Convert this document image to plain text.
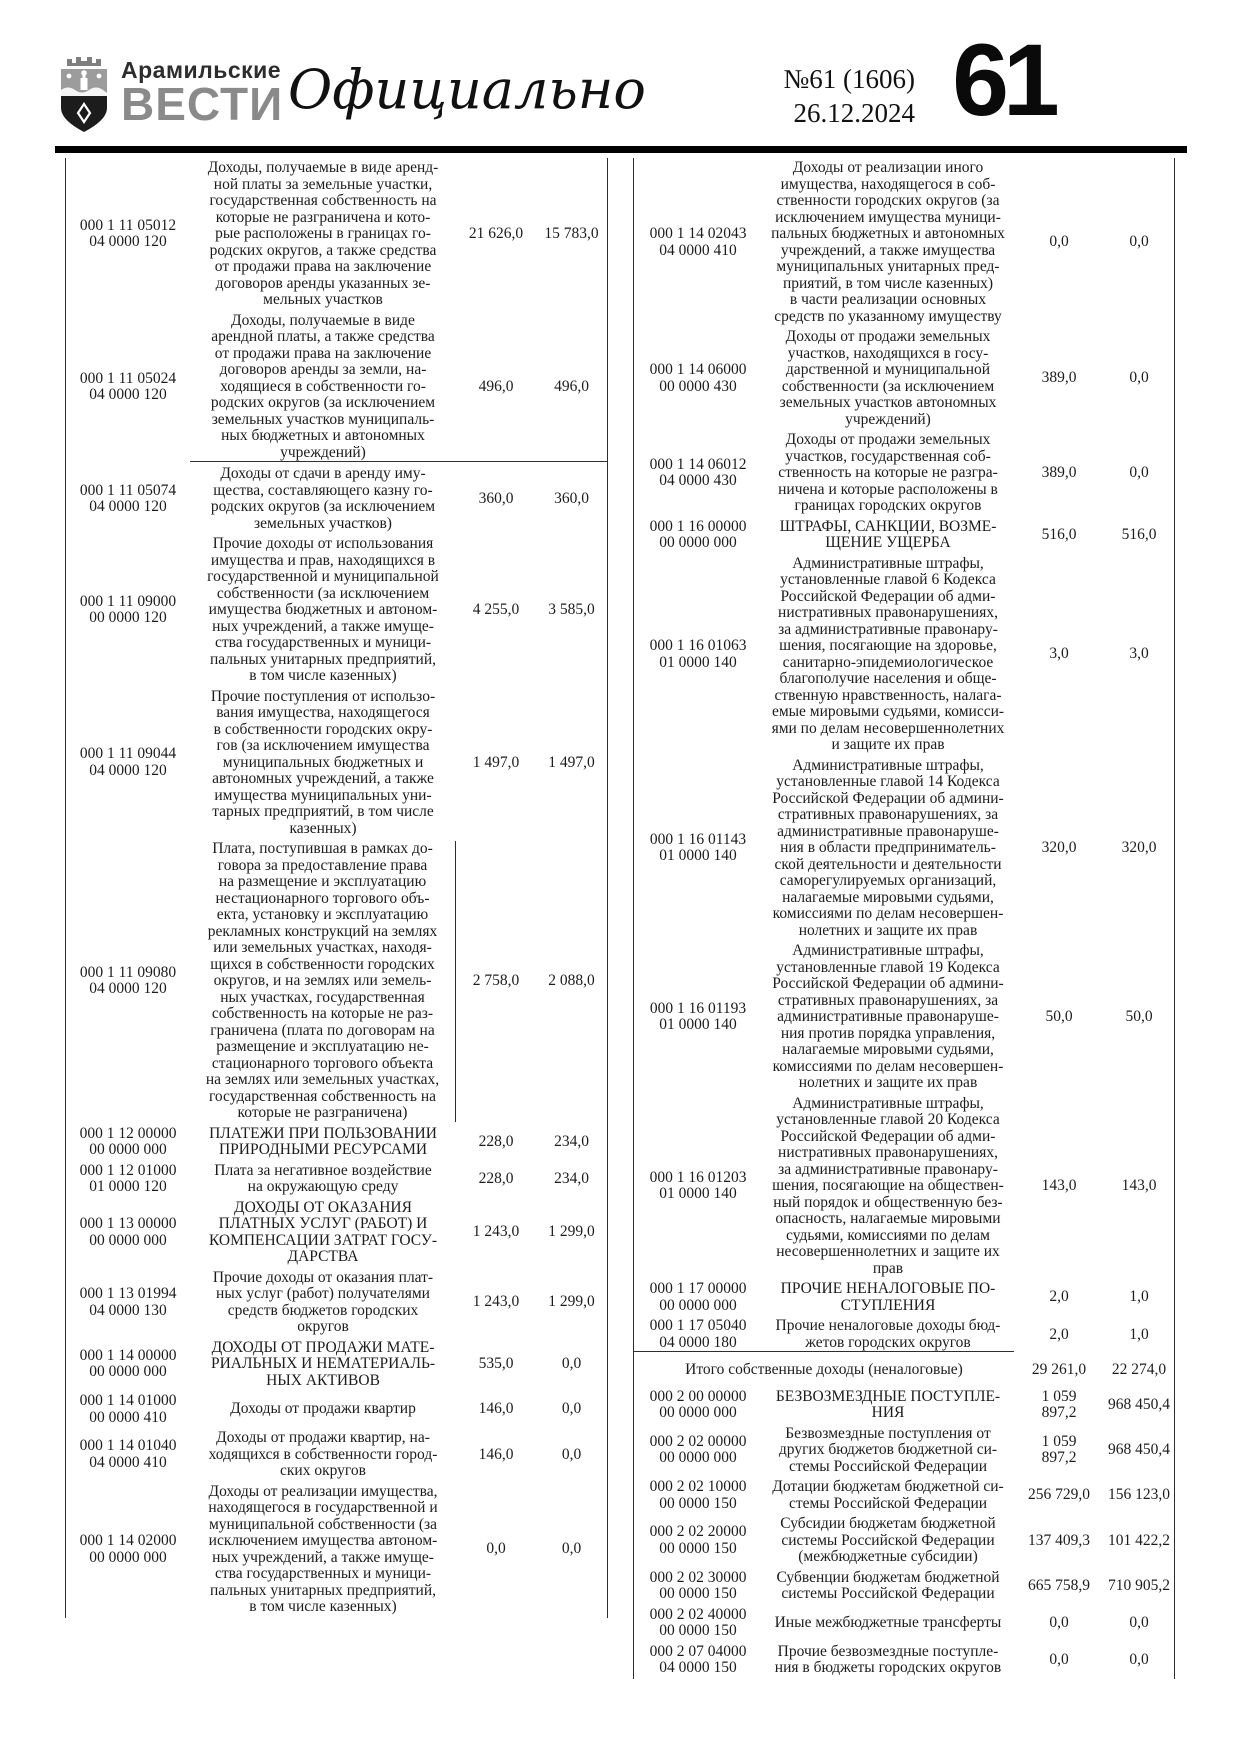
Арамильские
ВЕСТИ Официально	№61 (1606)
26.12.2024 61
000 1 11 05012
04 0000 120
Доходы, получаемые в виде аренд-
ной платы за земельные участки,
государственная собственность на
которые не разграничена и кото-
рые расположены в границах го-
родских округов, а также средства
от продажи права на заключение
договоров аренды указанных зе-
мельных участков
21 626,0	15 783,0
000 1 11 05024
04 0000 120
Доходы, получаемые в виде
арендной платы, а также средства
от продажи права на заключение
договоров аренды за земли, на-
ходящиеся в собственности го-
родских округов (за исключением
земельных участков муниципаль-
ных бюджетных и автономных
учреждений)
496,0	496,0
000 1 11 05074
04 0000 120
Доходы от сдачи в аренду иму-
щества, составляющего казну го-
родских округов (за исключением
земельных участков)
360,0	360,0
000 1 11 09000
00 0000 120
Прочие доходы от использования
имущества и прав, находящихся в
государственной и муниципальной
собственности (за исключением
имущества бюджетных и автоном-
ных учреждений, а также имуще-
ства государственных и муници-
пальных унитарных предприятий,
в том числе казенных)
4 255,0	3 585,0
000 1 11 09044
04 0000 120
Прочие поступления от использо-
вания имущества, находящегося
в собственности городских окру-
гов (за исключением имущества
муниципальных бюджетных и
автономных учреждений, а также
имущества муниципальных уни-
тарных предприятий, в том числе
казенных)
1 497,0	1 497,0
000 1 11 09080
04 0000 120
Плата, поступившая в рамках до-
говора за предоставление права
на размещение и эксплуатацию
нестационарного торгового объ-
екта, установку и эксплуатацию
рекламных конструкций на землях
или земельных участках, находя-
щихся в собственности городских
округов, и на землях или земель-
ных участках, государственная
собственность на которые не раз-
граничена (плата по договорам на
размещение и эксплуатацию не-
стационарного торгового объекта
на землях или земельных участках,
государственная собственность на
которые не разграничена)
2 758,0	2 088,0
000 1 12 00000
00 0000 000
ПЛАТЕЖИ ПРИ ПОЛЬЗОВАНИИ
ПРИРОДНЫМИ РЕСУРСАМИ	228,0	234,0
000 1 12 01000
01 0000 120
Плата за негативное воздействие
на окружающую среду	228,0	234,0
000 1 13 00000
00 0000 000
ДОХОДЫ ОТ ОКАЗАНИЯ
ПЛАТНЫХ УСЛУГ (РАБОТ) И
КОМПЕНСАЦИИ ЗАТРАТ ГОСУ-
ДАРСТВА
1 243,0	1 299,0
000 1 13 01994
04 0000 130
Прочие доходы от оказания плат-
ных услуг (работ) получателями
средств бюджетов городских
округов
1 243,0	1 299,0
000 1 14 00000
00 0000 000
ДОХОДЫ ОТ ПРОДАЖИ МАТЕ-
РИАЛЬНЫХ И НЕМАТЕРИАЛЬ-
НЫХ АКТИВОВ
535,0	0,0
000 1 14 01000
00 0000 410	Доходы от продажи квартир	146,0	0,0
000 1 14 01040
04 0000 410
Доходы от продажи квартир, на-
ходящихся в собственности город-
ских округов
146,0	0,0
000 1 14 02000
00 0000 000
Доходы от реализации имущества,
находящегося в государственной и
муниципальной собственности (за
исключением имущества автоном-
ных учреждений, а также имуще-
ства государственных и муници-
пальных унитарных предприятий,
в том числе казенных)
0,0	0,0
000 1 14 02043
04 0000 410
Доходы от реализации иного
имущества, находящегося в соб-
ственности городских округов (за
исключением имущества муници-
пальных бюджетных и автономных
учреждений, а также имущества
муниципальных унитарных пред-
приятий, в том числе казенных)
в части реализации основных
средств по указанному имуществу
0,0	0,0
000 1 14 06000
00 0000 430
Доходы от продажи земельных
участков, находящихся в госу-
дарственной и муниципальной
собственности (за исключением
земельных участков автономных
учреждений)
389,0	0,0
000 1 14 06012
04 0000 430
Доходы от продажи земельных
участков, государственная соб-
ственность на которые не разгра-
ничена и которые расположены в
границах городских округов
389,0	0,0
000 1 16 00000
00 0000 000
ШТРАФЫ, САНКЦИИ, ВОЗМЕ-
ЩЕНИЕ УЩЕРБА	516,0	516,0
000 1 16 01063
01 0000 140
Административные штрафы,
установленные главой 6 Кодекса
Российской Федерации об адми-
нистративных правонарушениях,
за административные правонару-
шения, посягающие на здоровье,
санитарно-эпидемиологическое
благополучие населения и обще-
ственную нравственность, налага-
емые мировыми судьями, комисси-
ями по делам несовершеннолетних
и защите их прав
3,0	3,0
000 1 16 01143
01 0000 140
Административные штрафы,
установленные главой 14 Кодекса
Российской Федерации об админи-
стративных правонарушениях, за
административные правонаруше-
ния в области предприниматель-
ской деятельности и деятельности
саморегулируемых организаций,
налагаемые мировыми судьями,
комиссиями по делам несовершен-
нолетних и защите их прав
320,0	320,0
000 1 16 01193
01 0000 140
Административные штрафы,
установленные главой 19 Кодекса
Российской Федерации об админи-
стративных правонарушениях, за
административные правонаруше-
ния против порядка управления,
налагаемые мировыми судьями,
комиссиями по делам несовершен-
нолетних и защите их прав
50,0	50,0
000 1 16 01203
01 0000 140
Административные штрафы,
установленные главой 20 Кодекса
Российской Федерации об адми-
нистративных правонарушениях,
за административные правонару-
шения, посягающие на обществен-
ный порядок и общественную без-
опасность, налагаемые мировыми
судьями, комиссиями по делам
несовершеннолетних и защите их
прав
143,0	143,0
000 1 17 00000
00 0000 000
ПРОЧИЕ НЕНАЛОГОВЫЕ ПО-
СТУПЛЕНИЯ	2,0	1,0
000 1 17 05040
04 0000 180
Прочие неналоговые доходы бюд-
жетов городских округов	2,0	1,0
Итого собственные доходы (неналоговые)	29 261,0	22 274,0
000 2 00 00000
00 0000 000
БЕЗВОЗМЕЗДНЫЕ ПОСТУПЛЕ-
НИЯ
1 059
897,2	968 450,4
000 2 02 00000
00 0000 000
Безвозмездные поступления от
других бюджетов бюджетной си-
стемы Российской Федерации
1 059
897,2	968 450,4
000 2 02 10000
00 0000 150
Дотации бюджетам бюджетной си-
стемы Российской Федерации	256 729,0	156 123,0
000 2 02 20000
00 0000 150
Субсидии бюджетам бюджетной
системы Российской Федерации
(межбюджетные субсидии)
137 409,3	101 422,2
000 2 02 30000
00 0000 150
Субвенции бюджетам бюджетной
системы Российской Федерации	665 758,9	710 905,2
000 2 02 40000
00 0000 150	Иные межбюджетные трансферты	0,0	0,0
000 2 07 04000
04 0000 150
Прочие безвозмездные поступле-
ния в бюджеты городских округов	0,0	0,0
